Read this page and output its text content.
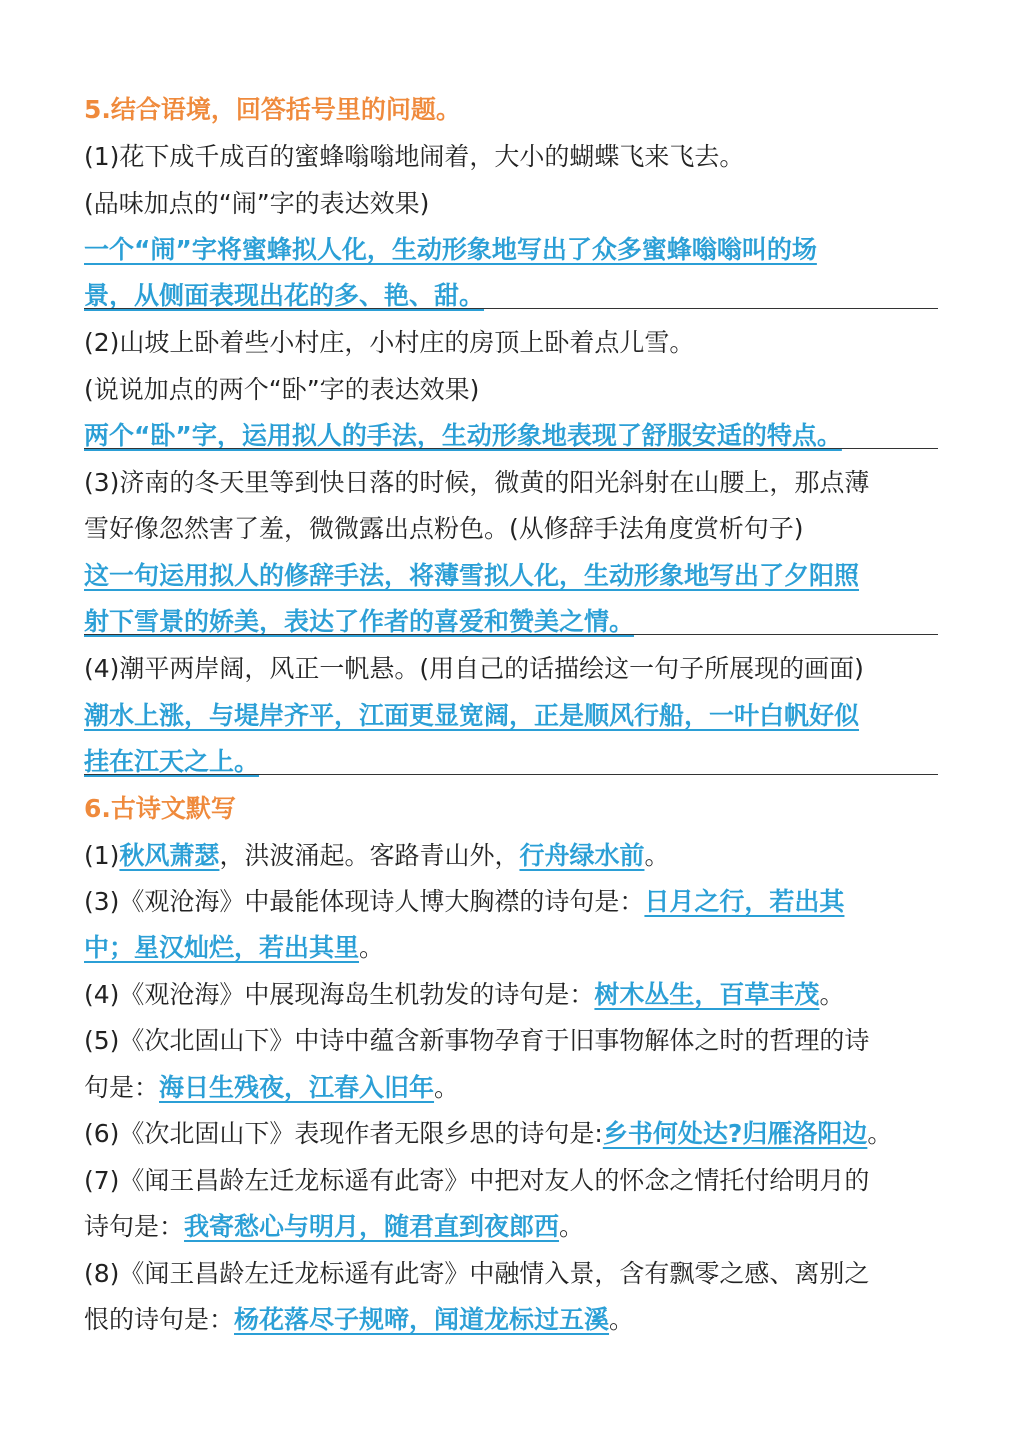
5.结合语境，回答括号里的问题。
(1)花下成千成百的蜜蜂嗡嗡地闹着，大小的蝴蝶飞来飞去。
(品味加点的“闹”字的表达效果)
一个“闹”字将蜜蜂拟人化，生动形象地写出了众多蜜蜂嗡嗡叫的场
景，从侧面表现出花的多、艳、甜。
(2)山坡上卧着些小村庄，小村庄的房顶上卧着点儿雪。
(说说加点的两个“卧”字的表达效果)
两个“卧”字，运用拟人的手法，生动形象地表现了舒服安适的特点。
(3)济南的冬天里等到快日落的时候，微黄的阳光斜射在山腰上，那点薄
雪好像忽然害了羞，微微露出点粉色。(从修辞手法角度赏析句子)
这一句运用拟人的修辞手法，将薄雪拟人化，生动形象地写出了夕阳照
射下雪景的娇美，表达了作者的喜爱和赞美之情。
(4)潮平两岸阔，风正一帆悬。(用自己的话描绘这一句子所展现的画面)
潮水上涨，与堤岸齐平，江面更显宽阔，正是顺风行船，一叶白帆好似
挂在江天之上。
6.古诗文默写
(1)秋风萧瑟，洪波涌起。客路青山外，行舟绿水前。
(3)《观沧海》中最能体现诗人博大胸襟的诗句是：日月之行，若出其
中；星汉灿烂，若出其里。
(4)《观沧海》中展现海岛生机勃发的诗句是：树木丛生，百草丰茂。
(5)《次北固山下》中诗中蕴含新事物孕育于旧事物解体之时的哲理的诗
句是：海日生残夜，江春入旧年。
(6)《次北固山下》表现作者无限乡思的诗句是:乡书何处达?归雁洛阳边。
(7)《闻王昌龄左迁龙标遥有此寄》中把对友人的怀念之情托付给明月的
诗句是：我寄愁心与明月，随君直到夜郎西。
(8)《闻王昌龄左迁龙标遥有此寄》中融情入景，含有飘零之感、离别之
恨的诗句是：杨花落尽子规啼，闻道龙标过五溪。
